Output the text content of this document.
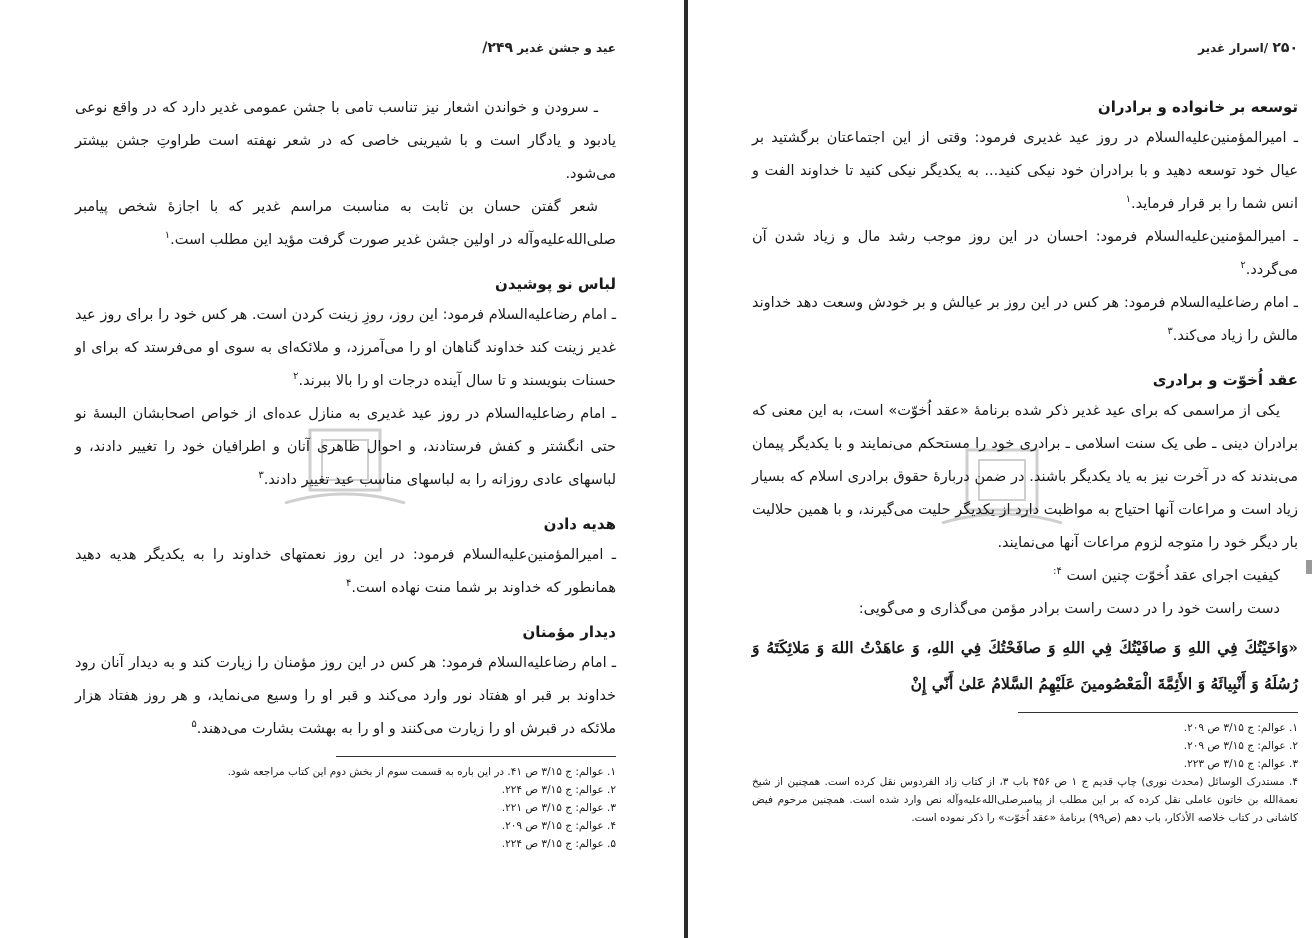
عید و جشن غدیر ۲۴۹/

ـ سرودن و خواندن اشعار نیز تناسب تامی با جشن عمومی غدیر دارد که در واقع نوعی یادبود و یادگار است و با شیرینی خاصی که در شعر نهفته است طراوتِ جشن بیشتر می‌شود.

شعر گفتن حسان بن ثابت به مناسبت مراسم غدیر که با اجازهٔ شخص پیامبر صلی‌الله‌علیه‌وآله در اولین جشن غدیر صورت گرفت مؤید این مطلب است.$^۱$

لباس نو پوشیدن

ـ امام رضاعلیه‌السلام فرمود: این روز، روزِ زینت کردن است. هر کس خود را برای روز عید غدیر زینت کند خداوند گناهان او را می‌آمرزد، و ملائکه‌ای به سوی او می‌فرستد که برای او حسنات بنویسند و تا سال آینده درجات او را بالا ببرند.$^۲$

ـ امام رضاعلیه‌السلام در روز عید غدیری به منازل عده‌ای از خواص اصحابشان البسهٔ نو حتی انگشتر و کفش فرستادند، و احوال ظاهری آنان و اطرافیان خود را تغییر دادند، و لباسهای عادی روزانه را به لباسهای مناسب عید تغییر دادند.$^۳$

هدیه دادن

ـ امیرالمؤمنین‌علیه‌السلام فرمود: در این روز نعمتهای خداوند را به یکدیگر هدیه دهید همانطور که خداوند بر شما منت نهاده است.$^۴$

دیدار مؤمنان

ـ امام رضاعلیه‌السلام فرمود: هر کس در این روز مؤمنان را زیارت کند و به دیدار آنان رود خداوند بر قبر او هفتاد نور وارد می‌کند و قبر او را وسیع می‌نماید، و هر روز هفتاد هزار ملائکه در قبرش او را زیارت می‌کنند و او را به بهشت بشارت می‌دهند.$^۵$

۱. عوالم: ج ۳/۱۵ ص ۴۱. در این باره به قسمت سوم از بخش دوم این کتاب مراجعه شود.
۲. عوالم: ج ۳/۱۵ ص ۲۲۴.
۳. عوالم: ج ۳/۱۵ ص ۲۲۱.
۴. عوالم: ج ۳/۱۵ ص ۲۰۹.
۵. عوالم: ج ۳/۱۵ ص ۲۲۴.
۲۵۰ /اسرار غدیر
توسعه بر خانواده و برادران

ـ امیرالمؤمنین‌علیه‌السلام در روز عید غدیری فرمود: وقتی از این اجتماعتان برگشتید بر عیال خود توسعه دهید و با برادران خود نیکی کنید... به یکدیگر نیکی کنید تا خداوند الفت و انس شما را بر قرار فرماید.$^۱$

ـ امیرالمؤمنین‌علیه‌السلام فرمود: احسان در این روز موجب رشد مال و زیاد شدن آن می‌گردد.$^۲$

ـ امام رضاعلیه‌السلام فرمود: هر کس در این روز بر عیالش و بر خودش وسعت دهد خداوند مالش را زیاد می‌کند.$^۳$

عقد اُخوّت و برادری

یکی از مراسمی که برای عید غدیر ذکر شده برنامهٔ «عقد اُخوّت» است، به این معنی که برادران دینی ـ طی یک سنت اسلامی ـ برادری خود را مستحکم می‌نمایند و با یکدیگر پیمان می‌بندند که در آخرت نیز به یاد یکدیگر باشند. در ضمن دربارهٔ حقوق برادری اسلام که بسیار زیاد است و مراعات آنها احتیاج به مواظبت دارد از یکدیگر حلیت می‌گیرند، و با همین حلالیت بار دیگر خود را متوجه لزوم مراعات آنها می‌نمایند.

کیفیت اجرای عقد اُخوّت چنین است $^{۴:}$

دست راست خود را در دست راست برادر مؤمن می‌گذاری و می‌گویی:

«وَاخَيْتُكَ فِي اللهِ وَ صافَيْتُكَ فِي اللهِ وَ صافَحْتُكَ فِي اللهِ، وَ عاهَدْتُ اللهَ وَ مَلائِكَتَهُ وَ رُسُلَهُ وَ أَنْبِيائَهُ وَ الأَئِمَّةَ الْمَعْصُومينَ عَلَيْهِمُ السَّلامُ عَلىٰ أَنّي إِنْ

۱. عوالم: ج ۳/۱۵ ص ۲۰۹.
۲. عوالم: ج ۳/۱۵ ص ۲۰۹.
۳. عوالم: ج ۳/۱۵ ص ۲۲۳.
۴. مستدرک الوسائل (محدث نوری) چاپ قدیم ج ۱ ص ۴۵۶ باب ۳، از کتاب زاد الفردوس نقل کرده است. همچنین از شیخ نعمة‌الله بن خاتون عاملی نقل کرده که بر این مطلب از پیامبرصلی‌الله‌علیه‌وآله نص وارد شده است. همچنین مرحوم فیض کاشانی در کتاب خلاصه الأذکار، باب دهم (ص۹۹) برنامهٔ «عقد اُخوّت» را ذکر نموده است.
